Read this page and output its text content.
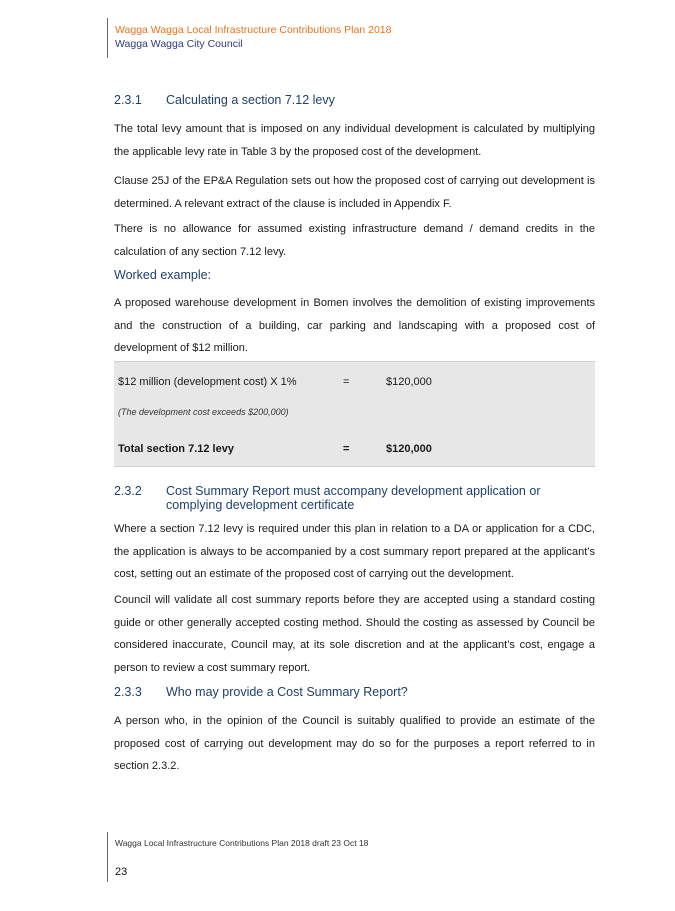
Wagga Wagga Local Infrastructure Contributions Plan 2018
Wagga Wagga City Council
2.3.1	Calculating a section 7.12 levy

The total levy amount that is imposed on any individual development is calculated by multiplying the applicable levy rate in Table 3 by the proposed cost of the development.

Clause 25J of the EP&A Regulation sets out how the proposed cost of carrying out development is determined. A relevant extract of the clause is included in Appendix F.

There is no allowance for assumed existing infrastructure demand / demand credits in the calculation of any section 7.12 levy.

Worked example:

A proposed warehouse development in Bomen involves the demolition of existing improvements and the construction of a building, car parking and landscaping with a proposed cost of development of $12 million.

2.3.2	Cost Summary Report must accompany development application or complying development certificate

Where a section 7.12 levy is required under this plan in relation to a DA or application for a CDC, the application is always to be accompanied by a cost summary report prepared at the applicant’s cost, setting out an estimate of the proposed cost of carrying out the development.

Council will validate all cost summary reports before they are accepted using a standard costing guide or other generally accepted costing method. Should the costing as assessed by Council be considered inaccurate, Council may, at its sole discretion and at the applicant’s cost, engage a person to review a cost summary report.

2.3.3	Who may provide a Cost Summary Report?

A person who, in the opinion of the Council is suitably qualified to provide an estimate of the proposed cost of carrying out development may do so for the purposes a report referred to in section 2.3.2.

$12 million (development cost) X 1%	=	$120,000
(The development cost exceeds $200,000)
Total section 7.12 levy	=	$120,000
Wagga Local Infrastructure Contributions Plan 2018 draft 23 Oct 18
23
